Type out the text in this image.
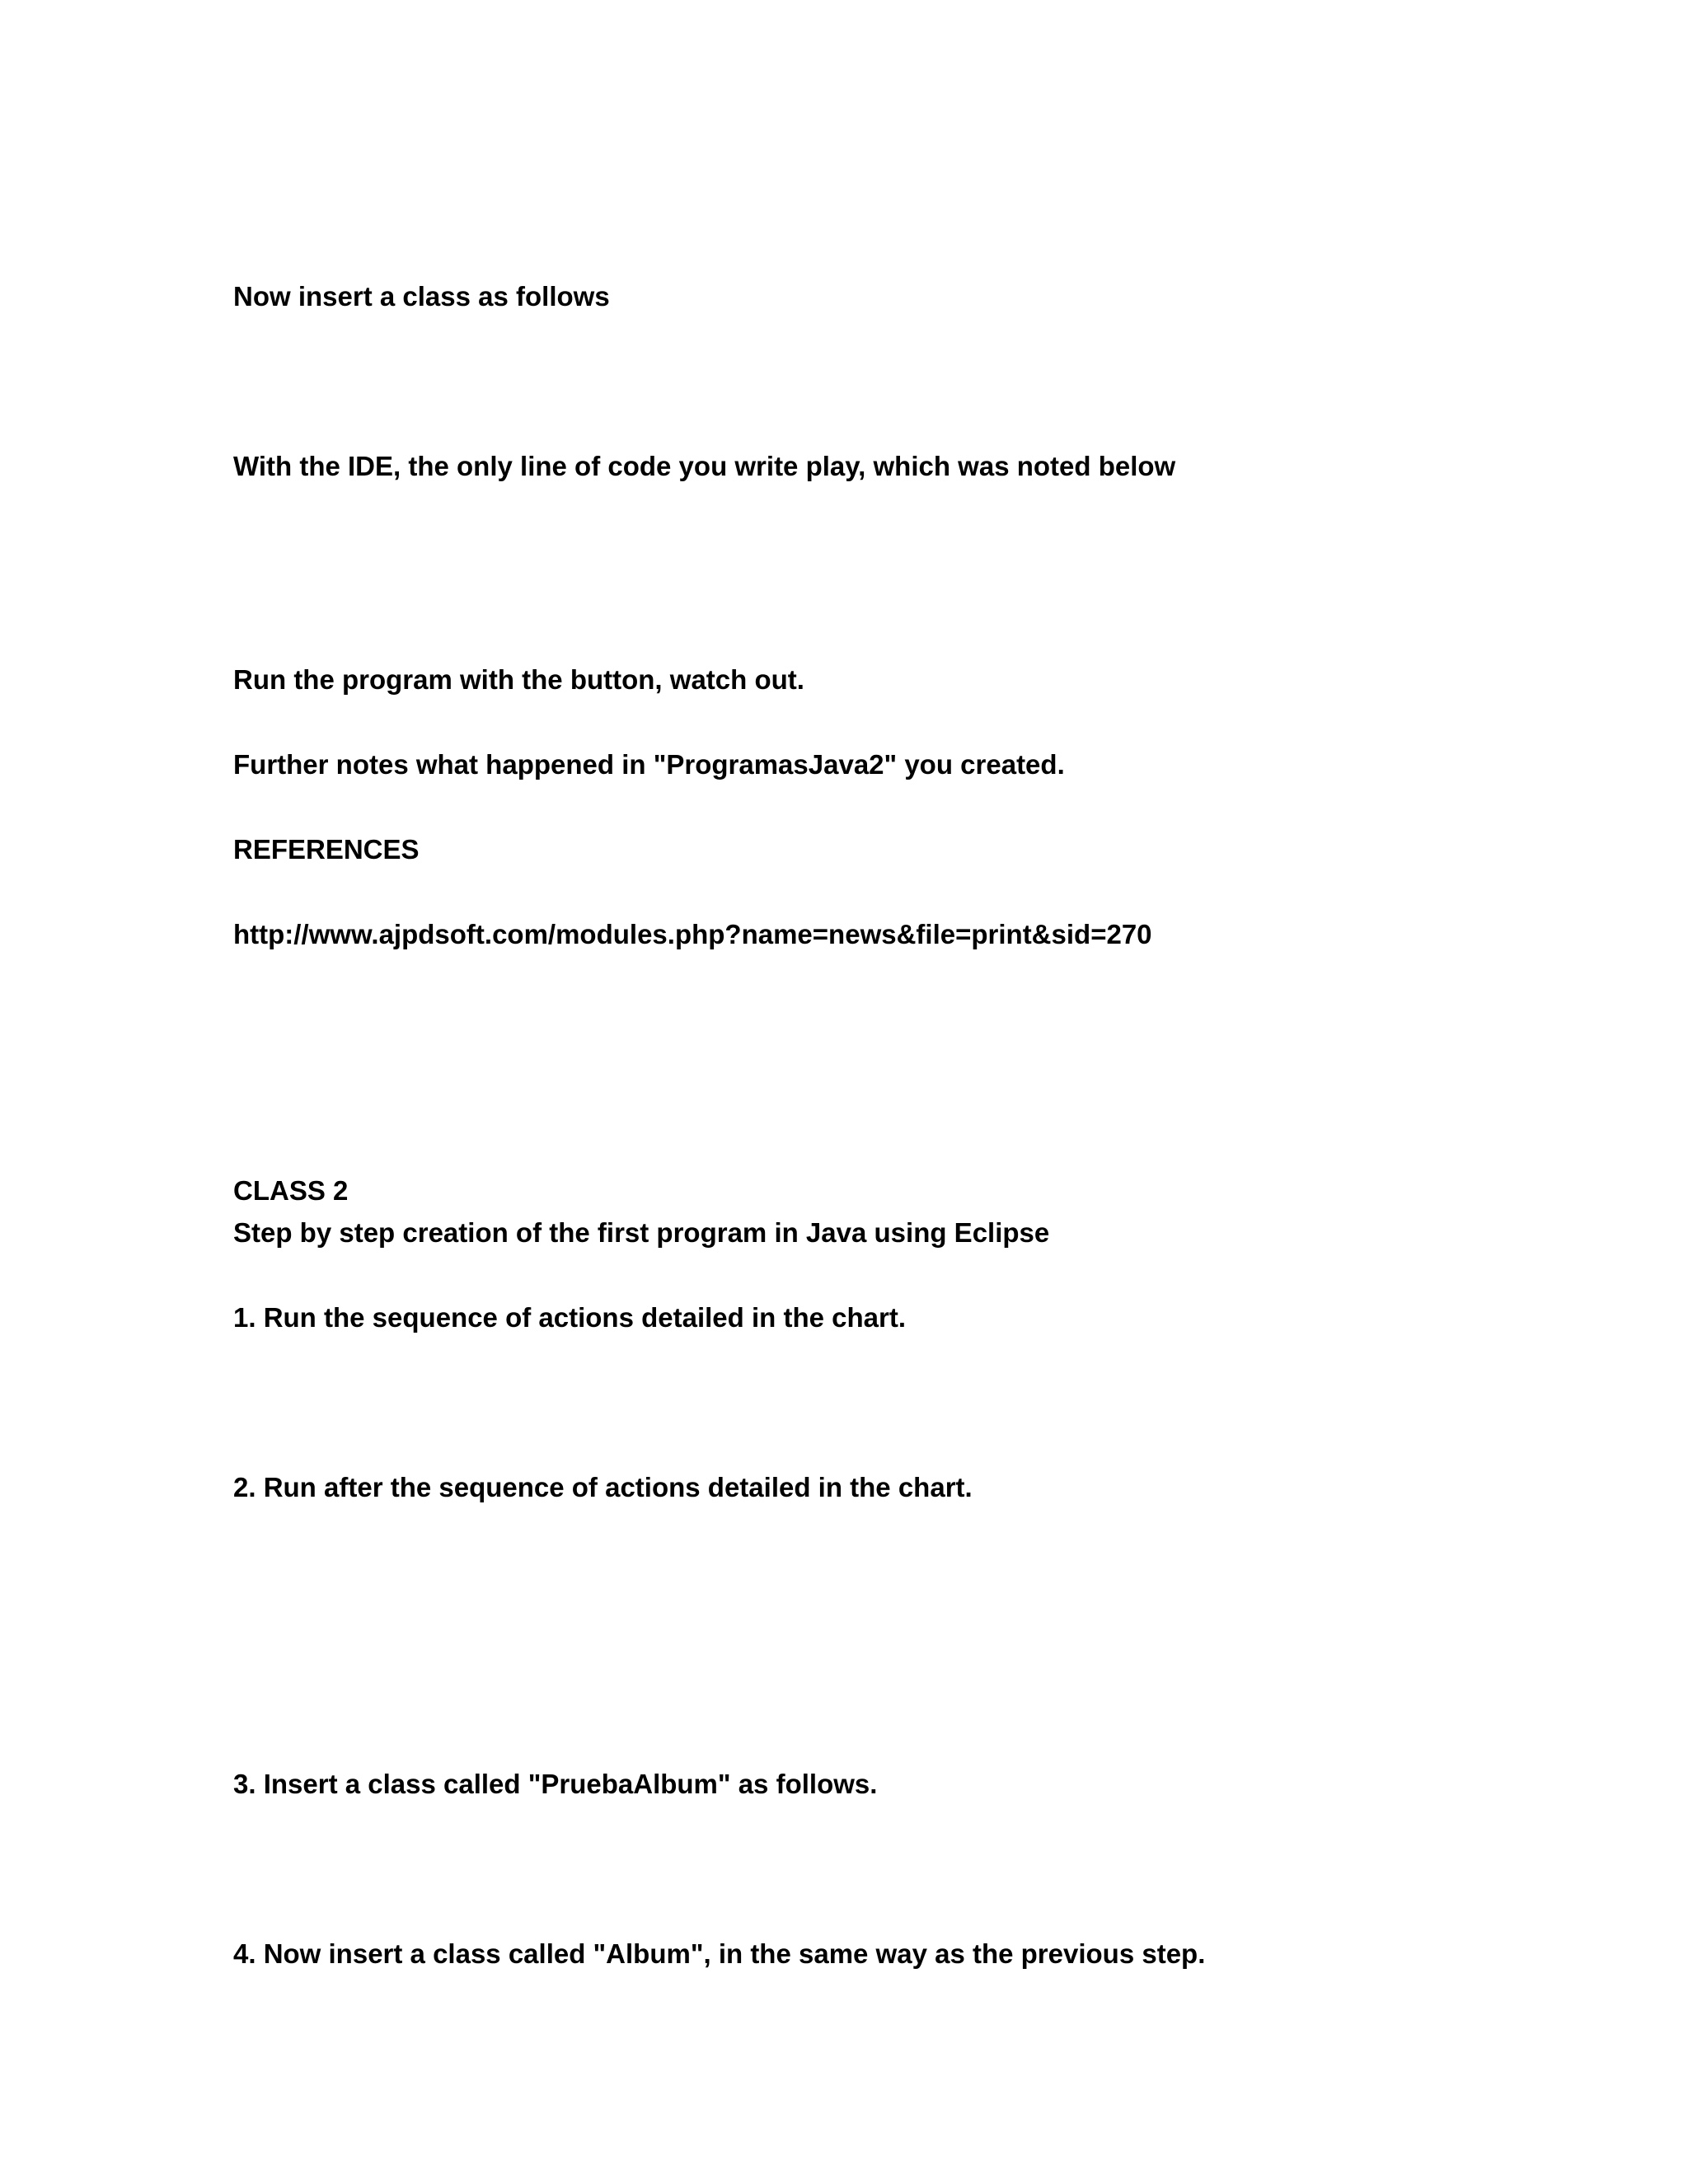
Now insert a class as follows

With the IDE, the only line of code you write play, which was noted below

Run the program with the button, watch out.

Further notes what happened in "ProgramasJava2" you created.

REFERENCES

http://www.ajpdsoft.com/modules.php?name=news&file=print&sid=270

CLASS 2

Step by step creation of the first program in Java using Eclipse

1. Run the sequence of actions detailed in the chart.

2. Run after the sequence of actions detailed in the chart.

3. Insert a class called "PruebaAlbum" as follows.

4. Now insert a class called "Album", in the same way as the previous step.
